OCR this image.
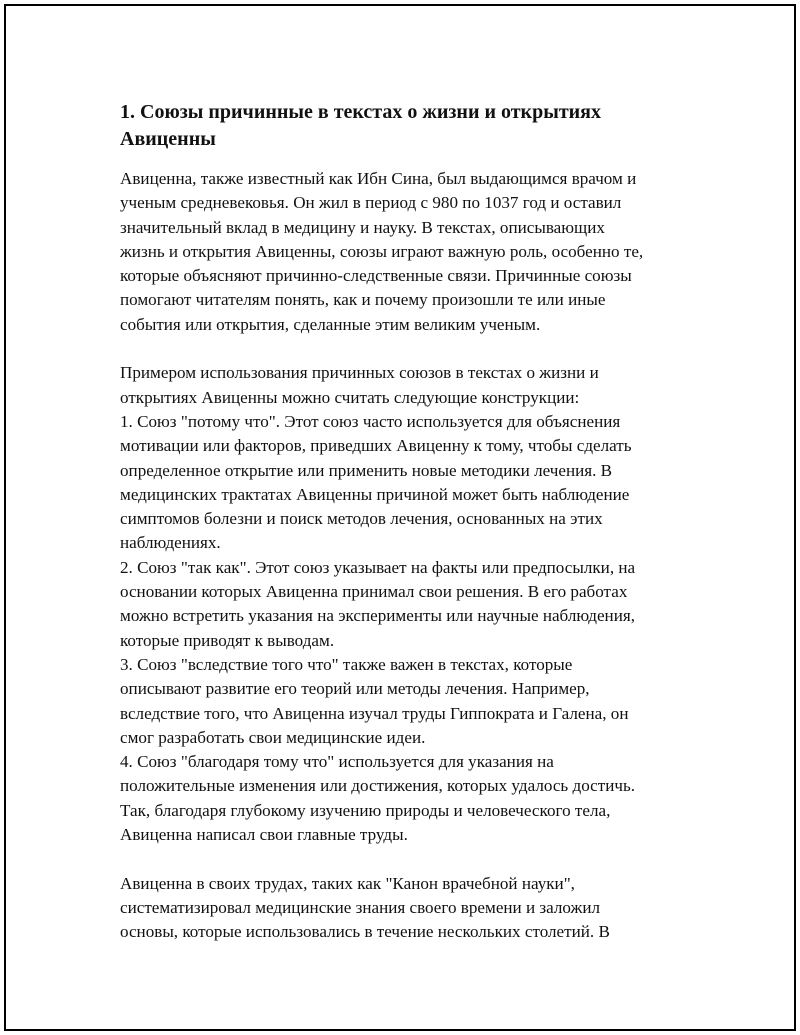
1. Союзы причинные в текстах о жизни и открытиях Авиценны

Авиценна, также известный как Ибн Сина, был выдающимся врачом и
ученым средневековья. Он жил в период с 980 по 1037 год и оставил
значительный вклад в медицину и науку. В текстах, описывающих
жизнь и открытия Авиценны, союзы играют важную роль, особенно те,
которые объясняют причинно-следственные связи. Причинные союзы
помогают читателям понять, как и почему произошли те или иные
события или открытия, сделанные этим великим ученым.

Примером использования причинных союзов в текстах о жизни и
открытиях Авиценны можно считать следующие конструкции:
1. Союз "потому что". Этот союз часто используется для объяснения
мотивации или факторов, приведших Авиценну к тому, чтобы сделать
определенное открытие или применить новые методики лечения. В
медицинских трактатах Авиценны причиной может быть наблюдение
симптомов болезни и поиск методов лечения, основанных на этих
наблюдениях.
2. Союз "так как". Этот союз указывает на факты или предпосылки, на
основании которых Авиценна принимал свои решения. В его работах
можно встретить указания на эксперименты или научные наблюдения,
которые приводят к выводам.
3. Союз "вследствие того что" также важен в текстах, которые
описывают развитие его теорий или методы лечения. Например,
вследствие того, что Авиценна изучал труды Гиппократа и Галена, он
смог разработать свои медицинские идеи.
4. Союз "благодаря тому что" используется для указания на
положительные изменения или достижения, которых удалось достичь.
Так, благодаря глубокому изучению природы и человеческого тела,
Авиценна написал свои главные труды.

Авиценна в своих трудах, таких как "Канон врачебной науки",
систематизировал медицинские знания своего времени и заложил
основы, которые использовались в течение нескольких столетий. В
